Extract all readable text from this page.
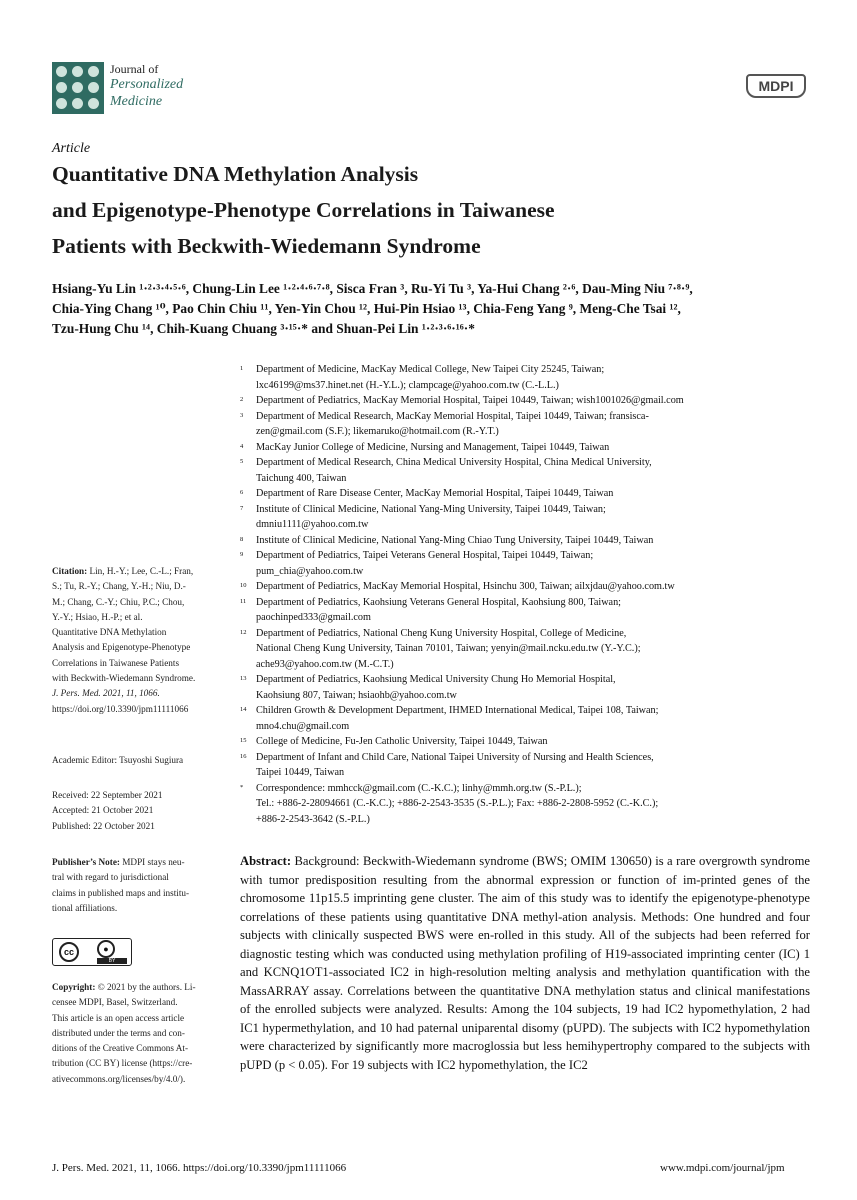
Journal of
Personalized
Medicine
MDPI
Article
Quantitative DNA Methylation Analysis
and Epigenotype-Phenotype Correlations in Taiwanese
Patients with Beckwith-Wiedemann Syndrome
Hsiang-Yu Lin ¹·²·³·⁴·⁵·⁶, Chung-Lin Lee ¹·²·⁴·⁶·⁷·⁸, Sisca Fran ³, Ru-Yi Tu ³, Ya-Hui Chang ²·⁶, Dau-Ming Niu ⁷·⁸·⁹,
Chia-Ying Chang ¹⁰, Pao Chin Chiu ¹¹, Yen-Yin Chou ¹², Hui-Pin Hsiao ¹³, Chia-Feng Yang ⁹, Meng-Che Tsai ¹²,
Tzu-Hung Chu ¹⁴, Chih-Kuang Chuang ³·¹⁵·* and Shuan-Pei Lin ¹·²·³·⁶·¹⁶·*
1 Department of Medicine, MacKay Medical College, New Taipei City 25245, Taiwan;
lxc46199@ms37.hinet.net (H.-Y.L.); clampcage@yahoo.com.tw (C.-L.L.)
2 Department of Pediatrics, MacKay Memorial Hospital, Taipei 10449, Taiwan; wish1001026@gmail.com
3 Department of Medical Research, MacKay Memorial Hospital, Taipei 10449, Taiwan; fransisca-
zen@gmail.com (S.F.); likemaruko@hotmail.com (R.-Y.T.)
4 MacKay Junior College of Medicine, Nursing and Management, Taipei 10449, Taiwan
5 Department of Medical Research, China Medical University Hospital, China Medical University,
Taichung 400, Taiwan
6 Department of Rare Disease Center, MacKay Memorial Hospital, Taipei 10449, Taiwan
7 Institute of Clinical Medicine, National Yang-Ming University, Taipei 10449, Taiwan;
dmniu1111@yahoo.com.tw
8 Institute of Clinical Medicine, National Yang-Ming Chiao Tung University, Taipei 10449, Taiwan
9 Department of Pediatrics, Taipei Veterans General Hospital, Taipei 10449, Taiwan;
pum_chia@yahoo.com.tw
10 Department of Pediatrics, MacKay Memorial Hospital, Hsinchu 300, Taiwan; ailxjdau@yahoo.com.tw
11 Department of Pediatrics, Kaohsiung Veterans General Hospital, Kaohsiung 800, Taiwan;
paochinped333@gmail.com
12 Department of Pediatrics, National Cheng Kung University Hospital, College of Medicine,
National Cheng Kung University, Tainan 70101, Taiwan; yenyin@mail.ncku.edu.tw (Y.-Y.C.);
ache93@yahoo.com.tw (M.-C.T.)
13 Department of Pediatrics, Kaohsiung Medical University Chung Ho Memorial Hospital,
Kaohsiung 807, Taiwan; hsiaohb@yahoo.com.tw
14 Children Growth & Development Department, IHMED International Medical, Taipei 108, Taiwan;
mno4.chu@gmail.com
15 College of Medicine, Fu-Jen Catholic University, Taipei 10449, Taiwan
16 Department of Infant and Child Care, National Taipei University of Nursing and Health Sciences,
Taipei 10449, Taiwan
* Correspondence: mmhcck@gmail.com (C.-K.C.); linhy@mmh.org.tw (S.-P.L.);
Tel.: +886-2-28094661 (C.-K.C.); +886-2-2543-3535 (S.-P.L.); Fax: +886-2-2808-5952 (C.-K.C.);
+886-2-2543-3642 (S.-P.L.)
Citation: Lin, H.-Y.; Lee, C.-L.; Fran,
S.; Tu, R.-Y.; Chang, Y.-H.; Niu, D.-
M.; Chang, C.-Y.; Chiu, P.C.; Chou,
Y.-Y.; Hsiao, H.-P.; et al.
Quantitative DNA Methylation
Analysis and Epigenotype-Phenotype
Correlations in Taiwanese Patients
with Beckwith-Wiedemann Syndrome.
J. Pers. Med. 2021, 11, 1066.
https://doi.org/10.3390/jpm11111066
Academic Editor: Tsuyoshi Sugiura
Received: 22 September 2021
Accepted: 21 October 2021
Published: 22 October 2021
Publisher’s Note: MDPI stays neu-
tral with regard to jurisdictional
claims in published maps and institu-
tional affiliations.
cc	●
BY
Copyright: © 2021 by the authors. Li-
censee MDPI, Basel, Switzerland.
This article is an open access article
distributed under the terms and con-
ditions of the Creative Commons At-
tribution (CC BY) license (https://cre-
ativecommons.org/licenses/by/4.0/).
Abstract: Background: Beckwith-Wiedemann syndrome (BWS; OMIM 130650) is a rare overgrowth syndrome with tumor predisposition resulting from the abnormal expression or function of im-printed genes of the chromosome 11p15.5 imprinting gene cluster. The aim of this study was to identify the epigenotype-phenotype correlations of these patients using quantitative DNA methyl-ation analysis. Methods: One hundred and four subjects with clinically suspected BWS were en-rolled in this study. All of the subjects had been referred for diagnostic testing which was conducted using methylation profiling of H19-associated imprinting center (IC) 1 and KCNQ1OT1-associated IC2 in high-resolution melting analysis and methylation quantification with the MassARRAY assay. Correlations between the quantitative DNA methylation status and clinical manifestations of the enrolled subjects were analyzed. Results: Among the 104 subjects, 19 had IC2 hypomethylation, 2 had IC1 hypermethylation, and 10 had paternal uniparental disomy (pUPD). The subjects with IC2 hypomethylation were characterized by significantly more macroglossia but less hemihypertrophy compared to the subjects with pUPD (p < 0.05). For 19 subjects with IC2 hypomethylation, the IC2
J. Pers. Med. 2021, 11, 1066. https://doi.org/10.3390/jpm11111066	www.mdpi.com/journal/jpm
